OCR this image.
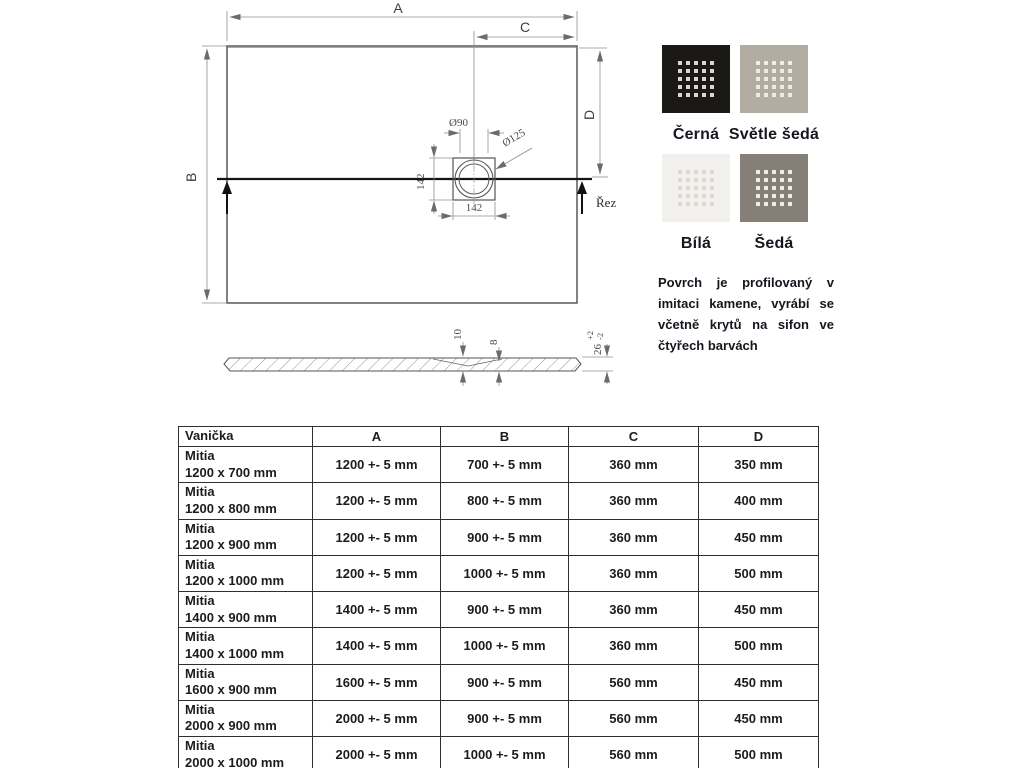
A
C
B
D
Řez
Ø90
Ø125
142
142
10
8
26
+2 -2
Černá Světle šedá
Bílá	Šedá
Povrch je profilovaný v imitaci kamene, vyrábí se včetně krytů na sifon ve čtyřech barvách
Vanička	A	B	C	D

Mitia
1200 x 700 mm	1200 +- 5 mm	700 +- 5 mm	360 mm	350 mm

Mitia
1200 x 800 mm	1200 +- 5 mm	800 +- 5 mm	360 mm	400 mm

Mitia
1200 x 900 mm	1200 +- 5 mm	900 +- 5 mm	360 mm	450 mm

Mitia
1200 x 1000 mm	1200 +- 5 mm	1000 +- 5 mm	360 mm	500 mm

Mitia
1400 x 900 mm	1400 +- 5 mm	900 +- 5 mm	360 mm	450 mm

Mitia
1400 x 1000 mm	1400 +- 5 mm	1000 +- 5 mm	360 mm	500 mm

Mitia
1600 x 900 mm	1600 +- 5 mm	900 +- 5 mm	560 mm	450 mm

Mitia
2000 x 900 mm	2000 +- 5 mm	900 +- 5 mm	560 mm	450 mm

Mitia
2000 x 1000 mm	2000 +- 5 mm	1000 +- 5 mm	560 mm	500 mm
